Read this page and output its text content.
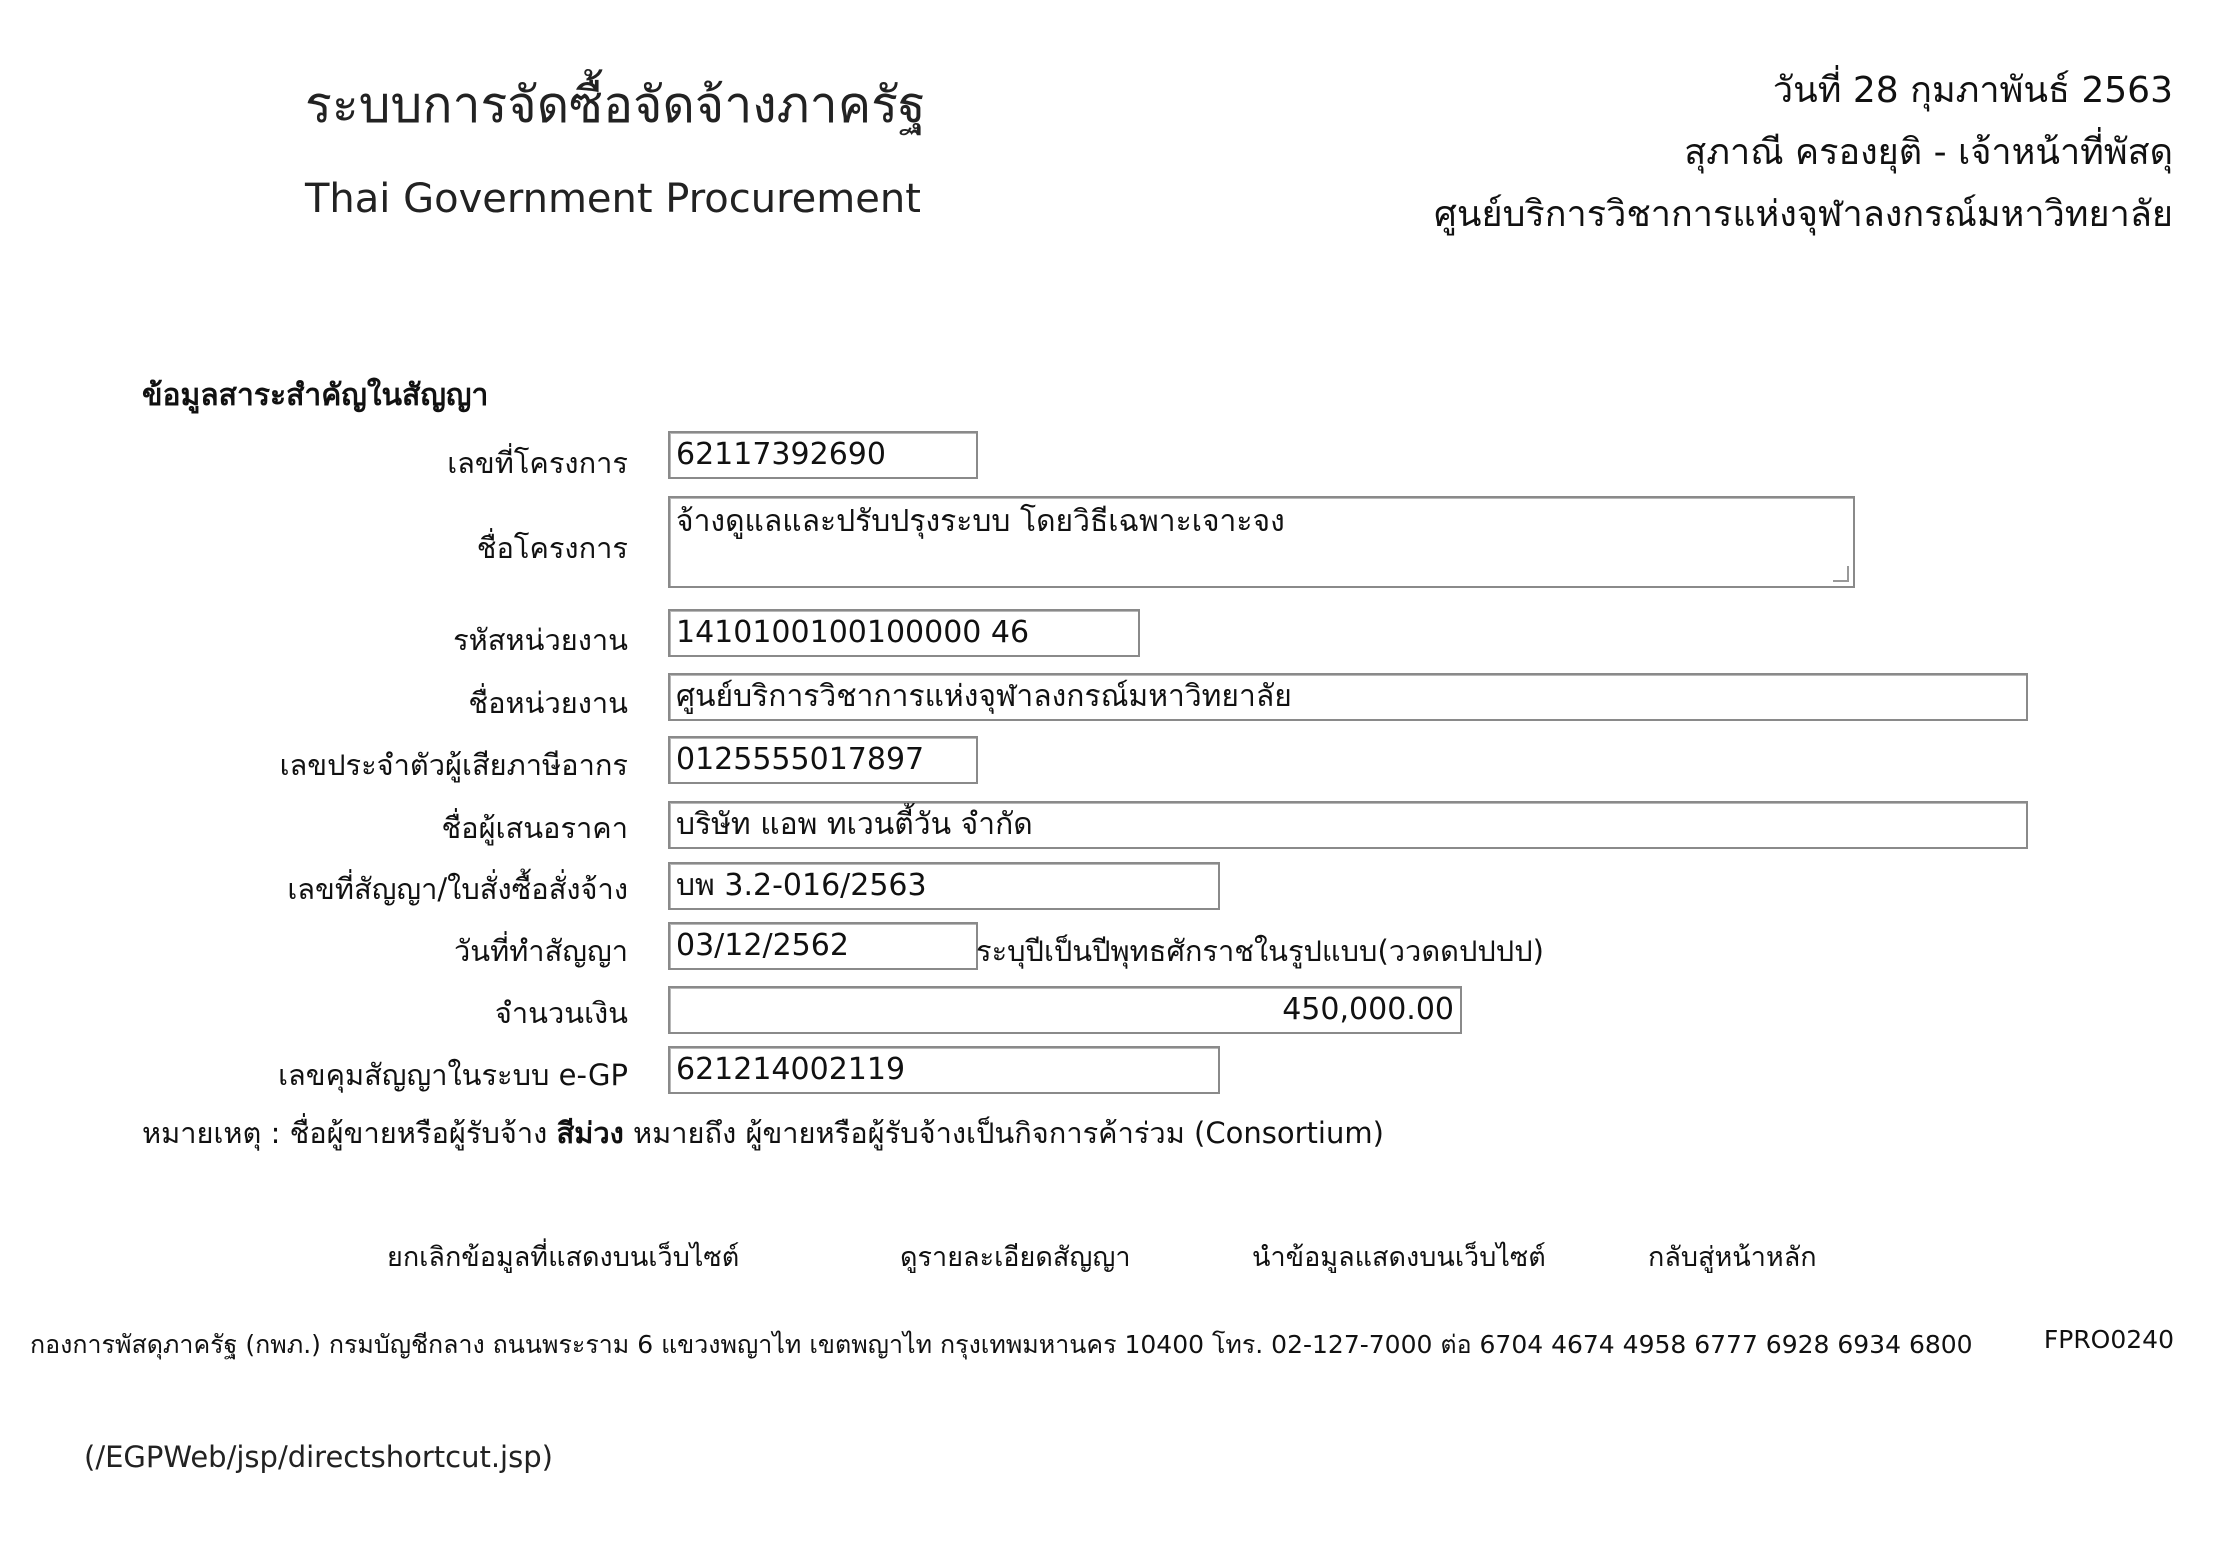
ระบบการจัดซื้อจัดจ้างภาครัฐ
Thai Government Procurement
วันที่ 28 กุมภาพันธ์ 2563
สุภาณี ครองยุติ - เจ้าหน้าที่พัสดุ
ศูนย์บริการวิชาการแห่งจุฬาลงกรณ์มหาวิทยาลัย
ข้อมูลสาระสำคัญในสัญญา
เลขที่โครงการ 62117392690
ชื่อโครงการ
จ้างดูแลและปรับปรุงระบบ โดยวิธีเฉพาะเจาะจง
รหัสหน่วยงาน 1410100100100000 46
ชื่อหน่วยงาน ศูนย์บริการวิชาการแห่งจุฬาลงกรณ์มหาวิทยาลัย
เลขประจำตัวผู้เสียภาษีอากร 0125555017897
ชื่อผู้เสนอราคา บริษัท แอพ ทเวนตี้วัน จำกัด
เลขที่สัญญา/ใบสั่งซื้อสั่งจ้าง บพ 3.2-016/2563
วันที่ทำสัญญา 03/12/2562	ระบุปีเป็นปีพุทธศักราชในรูปแบบ(ววดดปปปป)
จำนวนเงิน	450,000.00
เลขคุมสัญญาในระบบ e-GP 621214002119
หมายเหตุ : ชื่อผู้ขายหรือผู้รับจ้าง สีม่วง หมายถึง ผู้ขายหรือผู้รับจ้างเป็นกิจการค้าร่วม (Consortium)
ยกเลิกข้อมูลที่แสดงบนเว็บไซต์	ดูรายละเอียดสัญญา	นำข้อมูลแสดงบนเว็บไซต์	กลับสู่หน้าหลัก
กองการพัสดุภาครัฐ (กพภ.) กรมบัญชีกลาง ถนนพระราม 6 แขวงพญาไท เขตพญาไท กรุงเทพมหานคร 10400 โทร. 02-127-7000 ต่อ 6704 4674 4958 6777 6928 6934 6800	FPRO0240
(/EGPWeb/jsp/directshortcut.jsp)
